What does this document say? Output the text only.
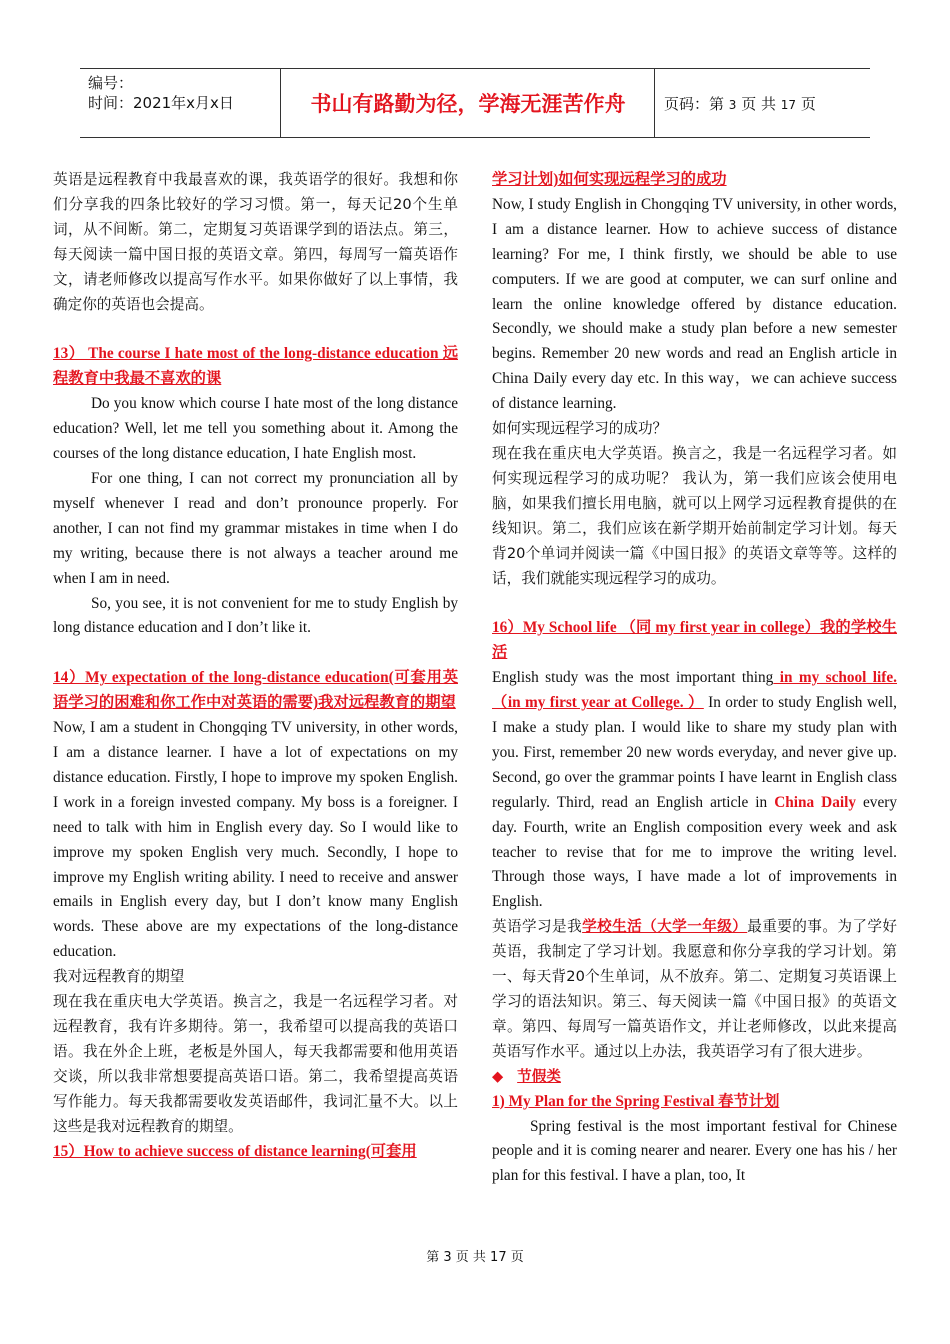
编号：
时间：2021年x月x日	书山有路勤为径，学海无涯苦作舟	页码：第 3 页 共 17 页

英语是远程教育中我最喜欢的课，我英语学的很好。我想和你们分享我的四条比较好的学习习惯。第一，每天记20个生单词，从不间断。第二，定期复习英语课学到的语法点。第三，每天阅读一篇中国日报的英语文章。第四，每周写一篇英语作文，请老师修改以提高写作水平。如果你做好了以上事情，我确定你的英语也会提高。

13） The course I hate most of the long-distance education 远程教育中我最不喜欢的课

Do you know which course I hate most of the long distance education? Well, let me tell you something about it. Among the courses of the long distance education, I hate English most.

For one thing, I can not correct my pronunciation all by myself whenever I read and don’t pronounce properly. For another, I can not find my grammar mistakes in time when I do my writing, because there is not always a teacher around me when I am in need.

So, you see, it is not convenient for me to study English by long distance education and I don’t like it.

14）My expectation of the long-distance education(可套用英语学习的困难和你工作中对英语的需要)我对远程教育的期望

Now, I am a student in Chongqing TV university, in other words, I am a distance learner. I have a lot of expectations on my distance education. Firstly, I hope to improve my spoken English. I work in a foreign invested company. My boss is a foreigner. I need to talk with him in English every day. So I would like to improve my spoken English very much. Secondly, I hope to improve my English writing ability. I need to receive and answer emails in English every day, but I don’t know many English words. These above are my expectations of the long-distance education.

我对远程教育的期望

现在我在重庆电大学英语。换言之，我是一名远程学习者。对远程教育，我有许多期待。第一，我希望可以提高我的英语口语。我在外企上班，老板是外国人，每天我都需要和他用英语交谈，所以我非常想要提高英语口语。第二，我希望提高英语写作能力。每天我都需要收发英语邮件，我词汇量不大。以上这些是我对远程教育的期望。

15）How to achieve success of distance learning(可套用

学习计划)如何实现远程学习的成功

Now, I study English in Chongqing TV university, in other words, I am a distance learner. How to achieve success of distance learning? For me, I think firstly, we should be able to use computers. If we are good at computer, we can surf online and learn the online knowledge offered by distance education. Secondly, we should make a study plan before a new semester begins. Remember 20 new words and read an English article in China Daily every day etc. In this way，we can achieve success of distance learning.

如何实现远程学习的成功？

现在我在重庆电大学英语。换言之，我是一名远程学习者。如何实现远程学习的成功呢？ 我认为，第一我们应该会使用电脑，如果我们擅长用电脑，就可以上网学习远程教育提供的在线知识。第二，我们应该在新学期开始前制定学习计划。每天背20个单词并阅读一篇《中国日报》的英语文章等等。这样的话，我们就能实现远程学习的成功。

16）My School life （同 my first year in college）我的学校生活

English study was the most important thing in my school life. （in my first year at College. ） In order to study English well, I make a study plan. I would like to share my study plan with you. First, remember 20 new words everyday, and never give up. Second, go over the grammar points I have learnt in English class regularly. Third, read an English article in China Daily every day. Fourth, write an English composition every week and ask teacher to revise that for me to improve the writing level. Through those ways, I have made a lot of improvements in English.

英语学习是我学校生活（大学一年级）最重要的事。为了学好英语，我制定了学习计划。我愿意和你分享我的学习计划。第一、每天背20个生单词，从不放弃。第二、定期复习英语课上学习的语法知识。第三、每天阅读一篇《中国日报》的英语文章。第四、每周写一篇英语作文，并让老师修改，以此来提高英语写作水平。通过以上办法，我英语学习有了很大进步。

◆ 节假类

1) My Plan for the Spring Festival 春节计划

Spring festival is the most important festival for Chinese people and it is coming nearer and nearer. Every one has his / her plan for this festival. I have a plan, too, It

第 3 页 共 17 页
